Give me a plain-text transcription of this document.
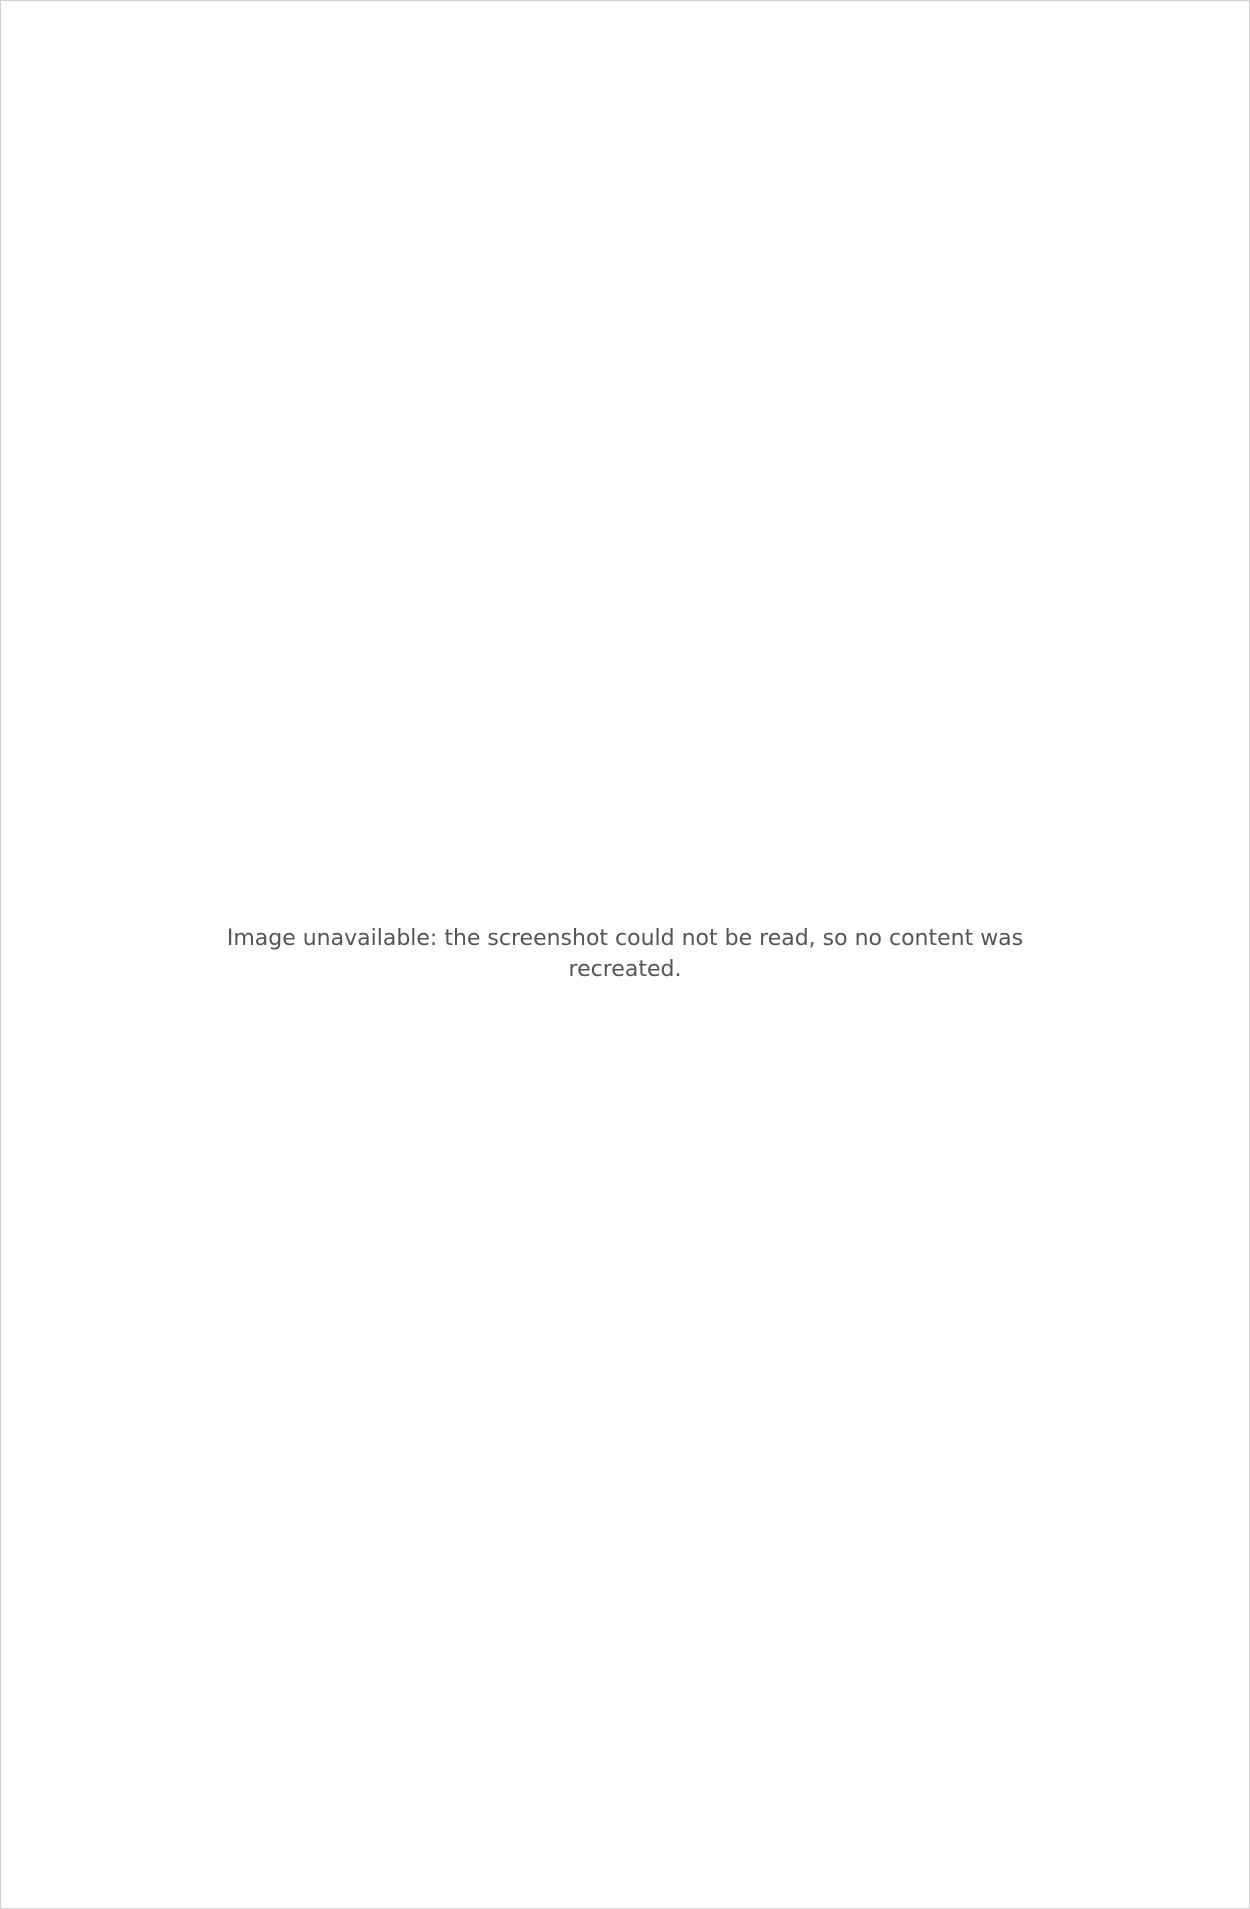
Image unavailable: the screenshot could not be read, so no content was recreated.
